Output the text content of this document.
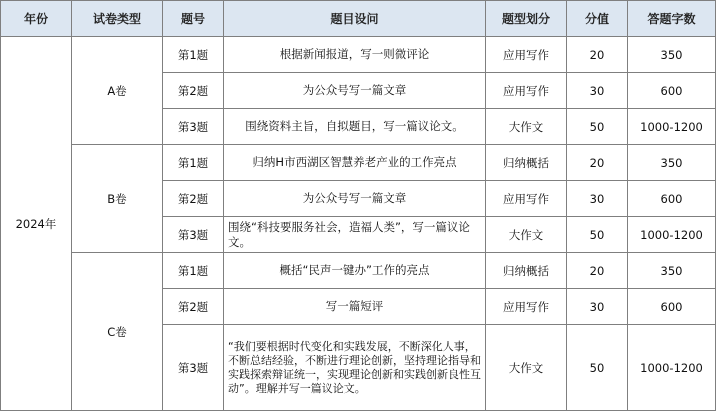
年份	试卷类型	题号	题目设问	题型划分	分值	答题字数
2024年	A卷	第1题	根据新闻报道，写一则微评论	应用写作	20	350
		第2题	为公众号写一篇文章	应用写作	30	600
		第3题	围绕资料主旨，自拟题目，写一篇议论文。	大作文	50	1000-1200
	B卷	第1题	归纳H市西湖区智慧养老产业的工作亮点	归纳概括	20	350
		第2题	为公众号写一篇文章	应用写作	30	600
		第3题	围绕“科技要服务社会，造福人类”，写一篇议论文。	大作文	50	1000-1200
	C卷	第1题	概括“民声一键办”工作的亮点	归纳概括	20	350
		第2题	写一篇短评	应用写作	30	600
		第3题	“我们要根据时代变化和实践发展，不断深化人事，不断总结经验，不断进行理论创新，坚持理论指导和实践探索辩证统一，实现理论创新和实践创新良性互动”。理解并写一篇议论文。	大作文	50	1000-1200
